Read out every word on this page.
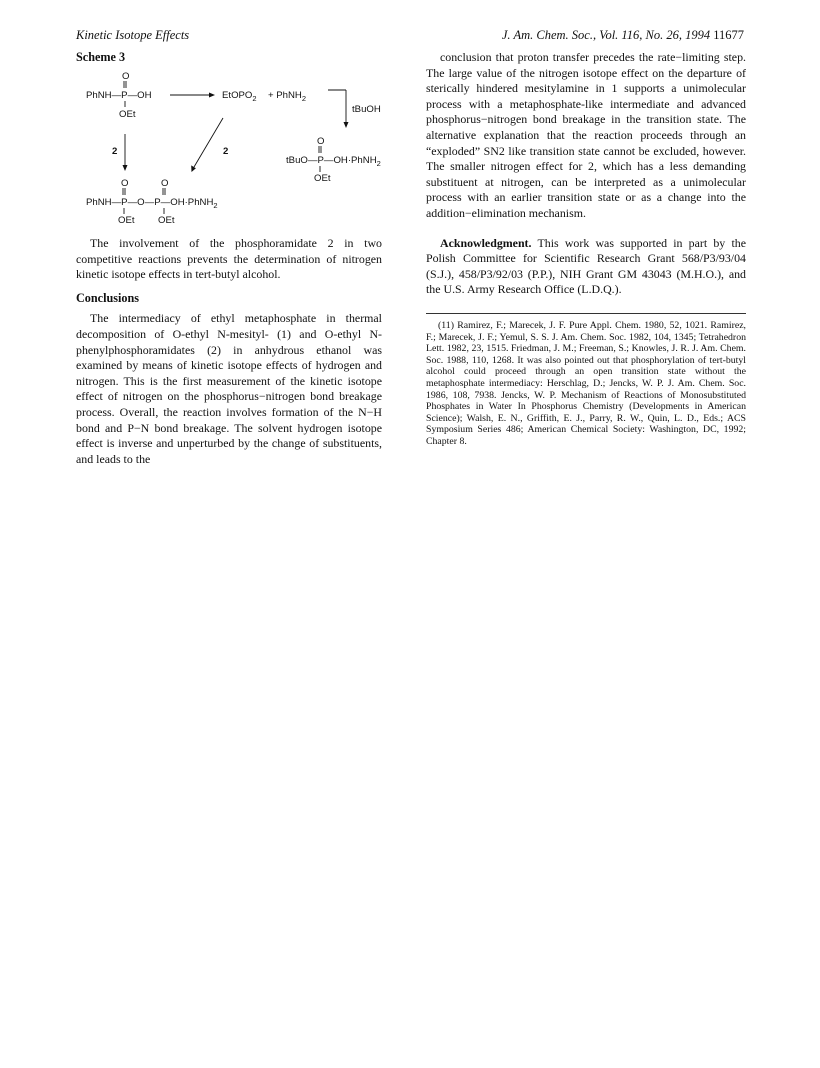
Kinetic Isotope Effects	J. Am. Chem. Soc., Vol. 116, No. 26, 1994 11677
Scheme 3
O
PhNH—P—OH
OEt
EtOPO$_2$ + PhNH$_2$
tBuOH
O
tBuO—P—OH·PhNH$_2$
OEt
2	2
O	O
PhNH—P—O—P—OH·PhNH$_2$
OEt OEt

The involvement of the phosphoramidate 2 in two competitive reactions prevents the determination of nitrogen kinetic isotope effects in tert-butyl alcohol.

Conclusions

The intermediacy of ethyl metaphosphate in thermal decomposition of O-ethyl N-mesityl- (1) and O-ethyl N-phenylphosphoramidates (2) in anhydrous ethanol was examined by means of kinetic isotope effects of hydrogen and nitrogen. This is the first measurement of the kinetic isotope effect of nitrogen on the phosphorus−nitrogen bond breakage process. Overall, the reaction involves formation of the N−H bond and P−N bond breakage. The solvent hydrogen isotope effect is inverse and unperturbed by the change of substituents, and leads to the

conclusion that proton transfer precedes the rate−limiting step. The large value of the nitrogen isotope effect on the departure of sterically hindered mesitylamine in 1 supports a unimolecular process with a metaphosphate-like intermediate and advanced phosphorus−nitrogen bond breakage in the transition state. The alternative explanation that the reaction proceeds through an “exploded” SN2 like transition state cannot be excluded, however. The smaller nitrogen effect for 2, which has a less demanding substituent at nitrogen, can be interpreted as a unimolecular process with an earlier transition state or as a change into the addition−elimination mechanism.

Acknowledgment. This work was supported in part by the Polish Committee for Scientific Research Grant 568/P3/93/04 (S.J.), 458/P3/92/03 (P.P.), NIH Grant GM 43043 (M.H.O.), and the U.S. Army Research Office (L.D.Q.).

(11) Ramirez, F.; Marecek, J. F. Pure Appl. Chem. 1980, 52, 1021. Ramirez, F.; Marecek, J. F.; Yemul, S. S. J. Am. Chem. Soc. 1982, 104, 1345; Tetrahedron Lett. 1982, 23, 1515. Friedman, J. M.; Freeman, S.; Knowles, J. R. J. Am. Chem. Soc. 1988, 110, 1268. It was also pointed out that phosphorylation of tert-butyl alcohol could proceed through an open transition state without the metaphosphate intermediacy: Herschlag, D.; Jencks, W. P. J. Am. Chem. Soc. 1986, 108, 7938. Jencks, W. P. Mechanism of Reactions of Monosubstituted Phosphates in Water In Phosphorus Chemistry (Developments in American Science); Walsh, E. N., Griffith, E. J., Parry, R. W., Quin, L. D., Eds.; ACS Symposium Series 486; American Chemical Society: Washington, DC, 1992; Chapter 8.
